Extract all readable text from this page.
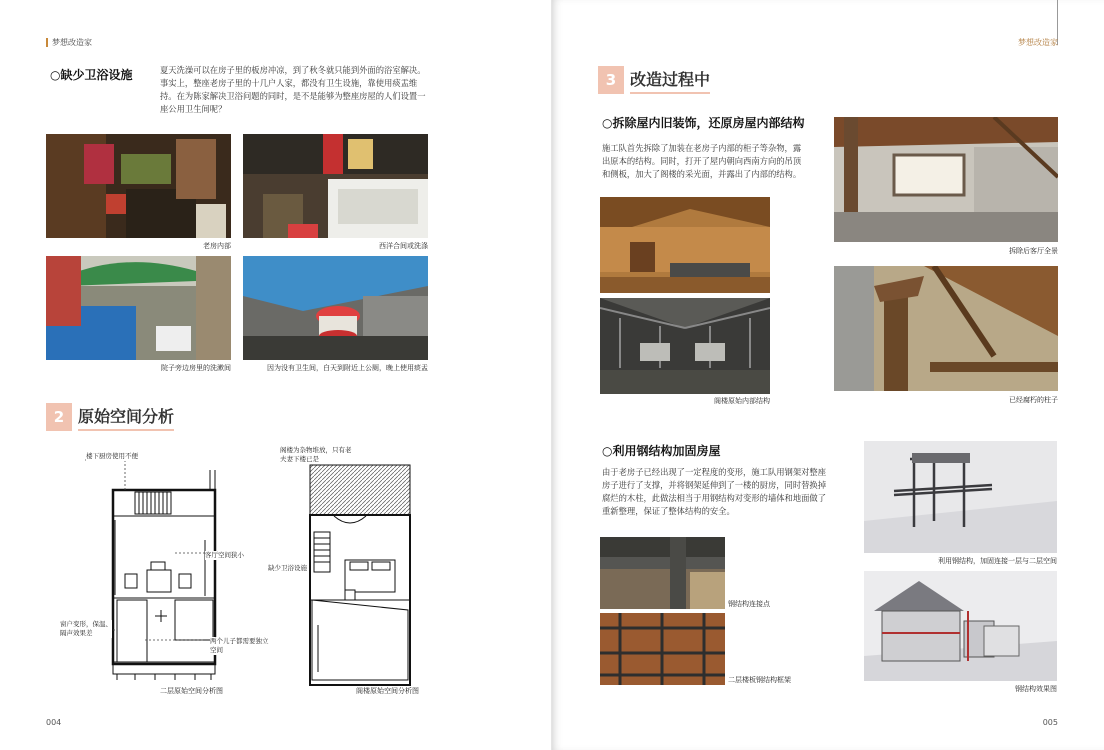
梦想改造家
○缺少卫浴设施	夏天洗澡可以在房子里的板房冲凉，到了秋冬就只能到外面的浴室解决。事实上，整座老房子里的十几户人家，都没有卫生设施，靠使用痰盂维持。在为陈家解决卫浴问题的同时，是不是能够为整座房屋的人们设置一座公用卫生间呢？
老房内部	西洋合间或洗涤
院子旁边房里的洗漱间	因为没有卫生间，白天到附近上公厕，晚上使用痰盂
2 原始空间分析
楼下厨房使用不便
客厅空间狭小
窗户变形，保温、隔声效果差
两个儿子都需要独立空间
二层原始空间分析图
阁楼为杂物堆放，只有老夫妻下楼已是
缺少卫浴设施
阁楼原始空间分析图
004
梦想改造家
3 改造过程中
○拆除屋内旧装饰，还原房屋内部结构
施工队首先拆除了加装在老房子内部的柜子等杂物，露出原本的结构。同时，打开了屋内朝向西南方向的吊顶和侧板，加大了阁楼的采光面，并露出了内部的结构。
阁楼原始内部结构
拆除后客厅全景
已经腐朽的柱子
○利用钢结构加固房屋
由于老房子已经出现了一定程度的变形，施工队用钢架对整座房子进行了支撑，并将钢架延伸到了一楼的厨房，同时替换掉腐烂的木柱，此做法相当于用钢结构对变形的墙体和地面做了重新整理，保证了整体结构的安全。
钢结构连接点
二层楼板钢结构框架
利用钢结构，加固连接一层与二层空间
钢结构效果图
005
